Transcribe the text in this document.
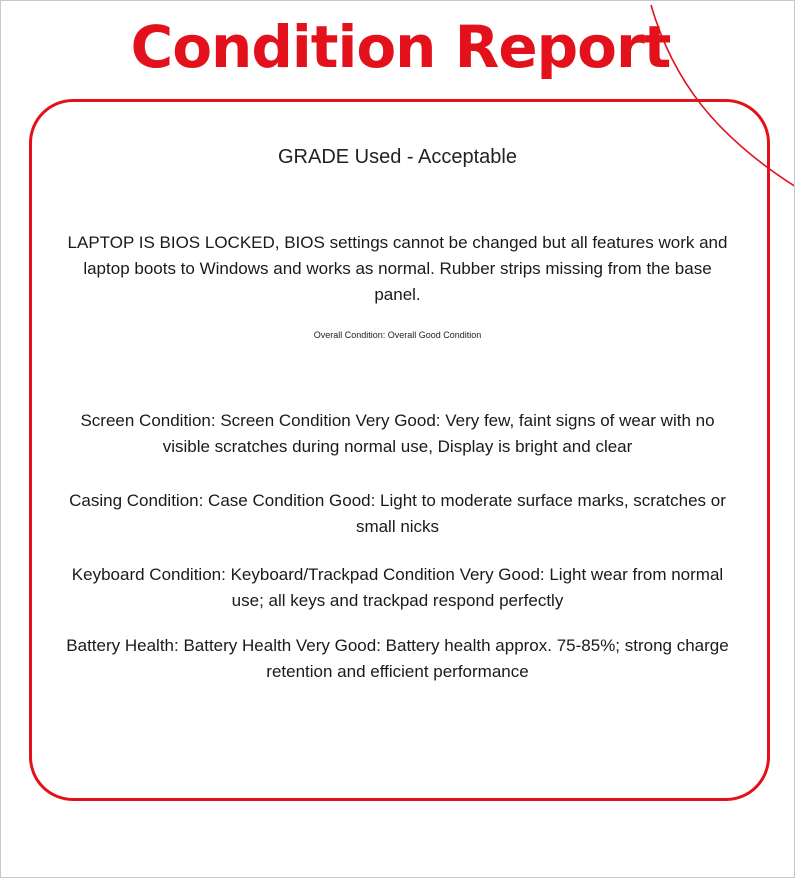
Condition Report
GRADE Used - Acceptable
LAPTOP IS BIOS LOCKED, BIOS settings cannot be changed but all features work and laptop boots to Windows and works as normal. Rubber strips missing from the base panel.
Overall Condition: Overall Good Condition
Screen Condition: Screen Condition Very Good: Very few, faint signs of wear with no visible scratches during normal use, Display is bright and clear
Casing Condition: Case Condition Good: Light to moderate surface marks, scratches or small nicks
Keyboard Condition: Keyboard/Trackpad Condition Very Good: Light wear from normal use; all keys and trackpad respond perfectly
Battery Health: Battery Health Very Good: Battery health approx. 75-85%; strong charge retention and efficient performance
